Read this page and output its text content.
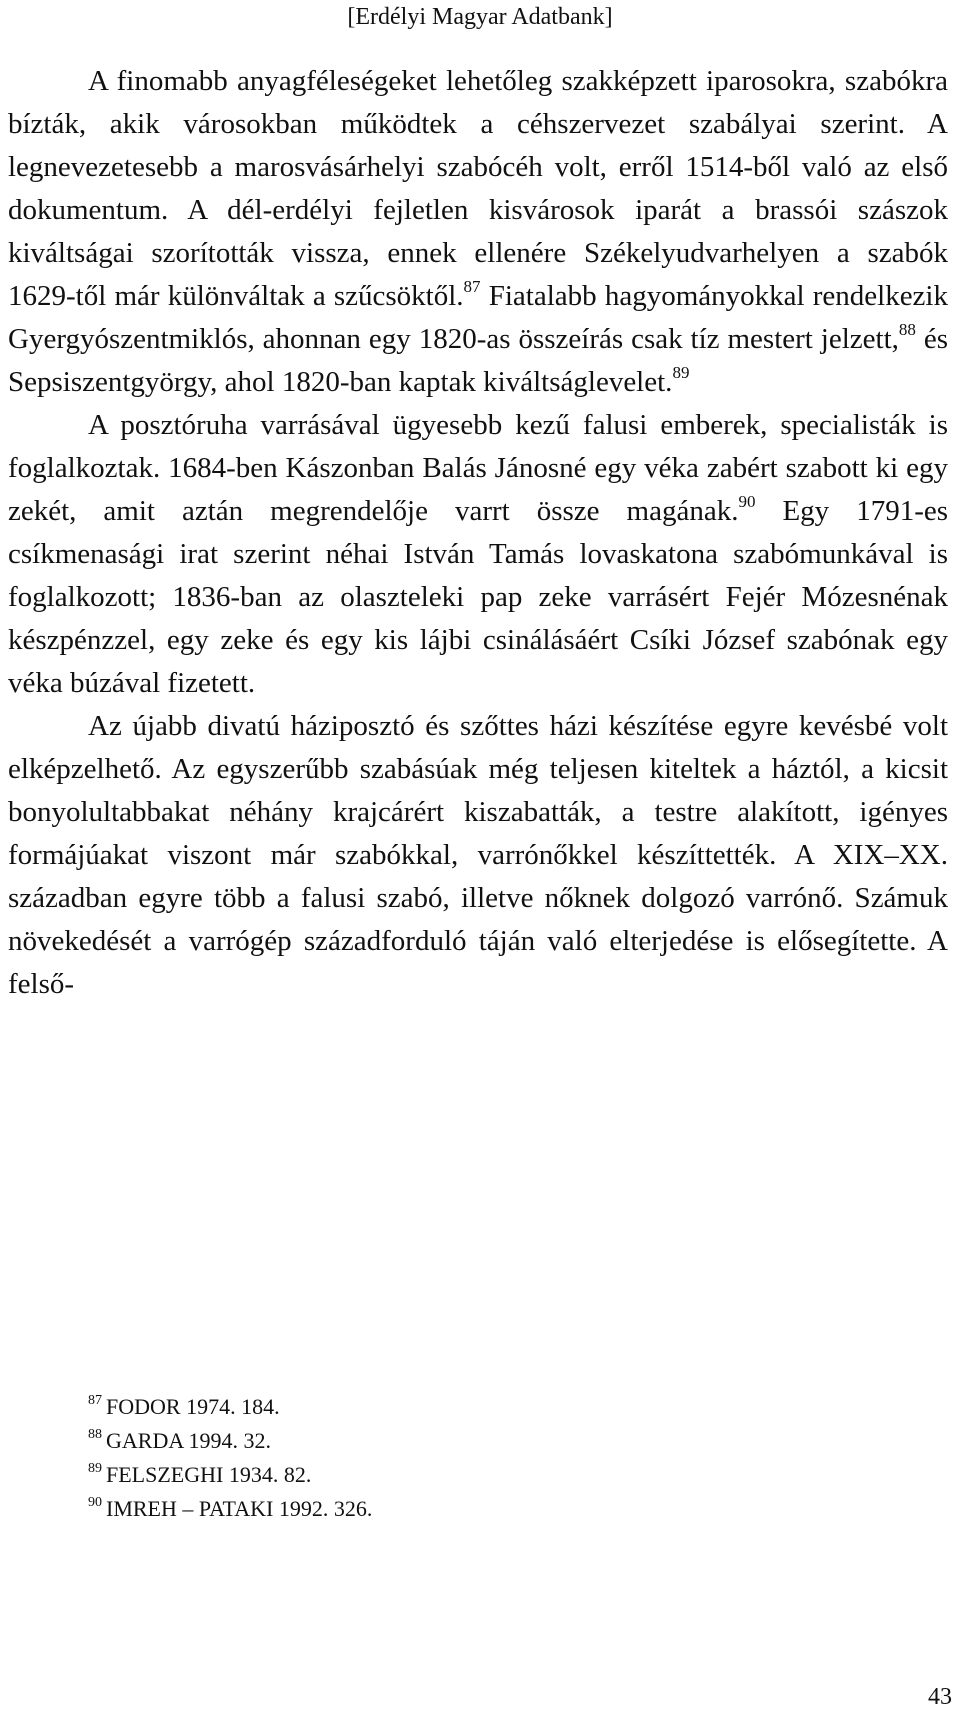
[Erdélyi Magyar Adatbank]

A finomabb anyagféleségeket lehetőleg szakképzett iparosokra, szabókra bízták, akik városokban működtek a céhszervezet szabályai szerint. A legnevezetesebb a marosvásárhelyi szabócéh volt, erről 1514-ből való az első dokumentum. A dél-erdélyi fejletlen kisvárosok iparát a brassói szászok kiváltságai szorították vissza, ennek ellenére Székelyudvarhelyen a szabók 1629-től már különváltak a szűcsöktől.$^{87}$ Fiatalabb hagyományokkal rendelkezik Gyergyószentmiklós, ahonnan egy 1820-as összeírás csak tíz mestert jelzett,$^{88}$ és Sepsiszentgyörgy, ahol 1820-ban kaptak kiváltságlevelet.$^{89}$

A posztóruha varrásával ügyesebb kezű falusi emberek, specialisták is foglalkoztak. 1684-ben Kászonban Balás Jánosné egy véka zabért szabott ki egy zekét, amit aztán megrendelője varrt össze magának.$^{90}$ Egy 1791-es csíkmenasági irat szerint néhai István Tamás lovaskatona szabómunkával is foglalkozott; 1836-ban az olaszteleki pap zeke varrásért Fejér Mózesnénak készpénzzel, egy zeke és egy kis lájbi csinálásáért Csíki József szabónak egy véka búzával fizetett.

Az újabb divatú háziposztó és szőttes házi készítése egyre kevésbé volt elképzelhető. Az egyszerűbb szabásúak még teljesen kiteltek a háztól, a kicsit bonyolultabbakat néhány krajcárért kiszabatták, a testre alakított, igényes formájúakat viszont már szabókkal, varrónőkkel készíttették. A XIX–XX. században egyre több a falusi szabó, illetve nőknek dolgozó varrónő. Számuk növekedését a varrógép századforduló táján való elterjedése is elősegítette. A felső-

$^{87}$ FODOR 1974. 184.
$^{88}$ GARDA 1994. 32.
$^{89}$ FELSZEGHI 1934. 82.
$^{90}$ IMREH – PATAKI 1992. 326.
43
